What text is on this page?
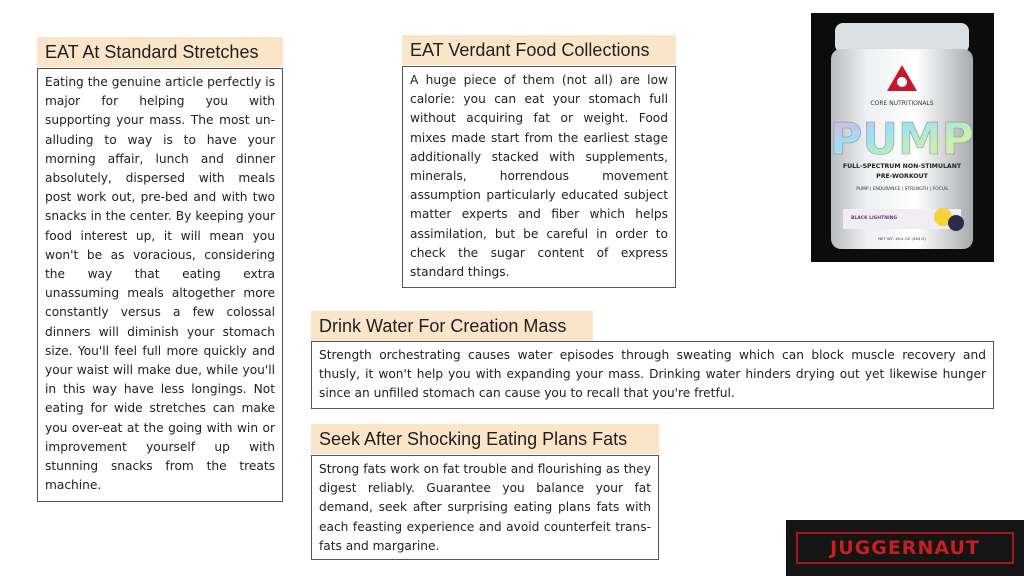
EAT At Standard Stretches
Eating the genuine article perfectly is major for helping you with supporting your mass. The most un-alluding to way is to have your morning affair, lunch and dinner absolutely, dispersed with meals post work out, pre-bed and with two snacks in the center. By keeping your food interest up, it will mean you won't be as voracious, considering the way that eating extra unassuming meals altogether more constantly versus a few colossal dinners will diminish your stomach size. You'll feel full more quickly and your waist will make due, while you'll in this way have less longings. Not eating for wide stretches can make you over-eat at the going with win or improvement yourself up with stunning snacks from the treats machine.
EAT Verdant Food Collections
A huge piece of them (not all) are low calorie: you can eat your stomach full without acquiring fat or weight. Food mixes made start from the earliest stage additionally stacked with supplements, minerals, horrendous movement assumption particularly educated subject matter experts and fiber which helps assimilation, but be careful in order to check the sugar content of express standard things.
Drink Water For Creation Mass
Strength orchestrating causes water episodes through sweating which can block muscle recovery and thusly, it won't help you with expanding your mass. Drinking water hinders drying out yet likewise hunger since an unfilled stomach can cause you to recall that you're fretful.
Seek After Shocking Eating Plans Fats
Strong fats work on fat trouble and flourishing as they digest reliably. Guarantee you balance your fat demand, seek after surprising eating plans fats with each feasting experience and avoid counterfeit trans-fats and margarine.
CORE NUTRITIONALS
PUMP
FULL-SPECTRUM NON-STIMULANT
PRE-WORKOUT
PUMP | ENDURANCE | STRENGTH | FOCUS
BLACK LIGHTNING
NET WT. 16.4 OZ (464 G)
JUGGERNAUT
